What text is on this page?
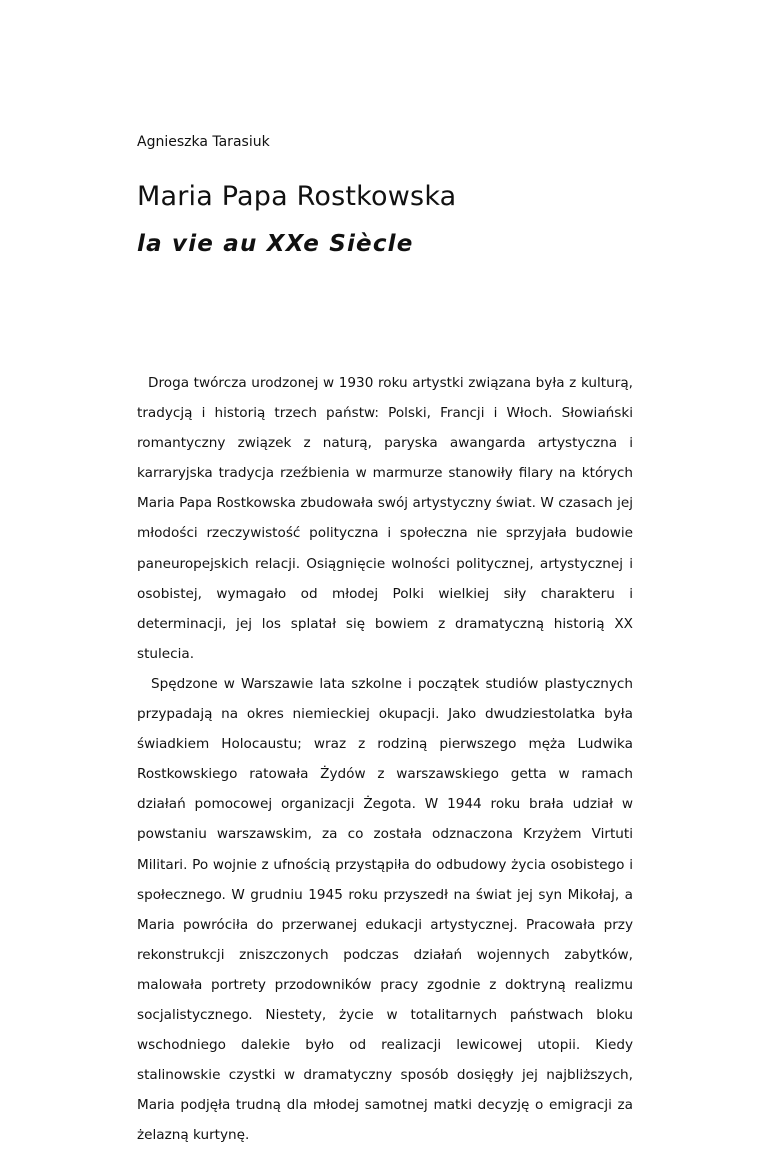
Agnieszka Tarasiuk

Maria Papa Rostkowska
la vie au XXe Siècle

Droga twórcza urodzonej w 1930 roku artystki związana była z kulturą, tradycją i historią trzech państw: Polski, Francji i Włoch. Słowiański romantyczny związek z naturą, paryska awangarda artystyczna i karraryjska tradycja rzeźbienia w marmurze stanowiły filary na których Maria Papa Rostkowska zbudowała swój artystyczny świat. W czasach jej młodości rzeczywistość polityczna i społeczna nie sprzyjała budowie paneuropejskich relacji. Osiągnięcie wolności politycznej, artystycznej i osobistej, wymagało od młodej Polki wielkiej siły charakteru i determinacji, jej los splatał się bowiem z dramatyczną historią XX stulecia.

Spędzone w Warszawie lata szkolne i początek studiów plastycznych przypadają na okres niemieckiej okupacji. Jako dwudziestolatka była świadkiem Holocaustu; wraz z rodziną pierwszego męża Ludwika Rostkowskiego ratowała Żydów z warszawskiego getta w ramach działań pomocowej organizacji Żegota. W 1944 roku brała udział w powstaniu warszawskim, za co została odznaczona Krzyżem Virtuti Militari. Po wojnie z ufnością przystąpiła do odbudowy życia osobistego i społecznego. W grudniu 1945 roku przyszedł na świat jej syn Mikołaj, a Maria powróciła do przerwanej edukacji artystycznej. Pracowała przy rekonstrukcji zniszczonych podczas działań wojennych zabytków, malowała portrety przodowników pracy zgodnie z doktryną realizmu socjalistycznego. Niestety, życie w totalitarnych państwach bloku wschodniego dalekie było od realizacji lewicowej utopii. Kiedy stalinowskie czystki w dramatyczny sposób dosięgły jej najbliższych, Maria podjęła trudną dla młodej samotnej matki decyzję o emigracji za żelazną kurtynę.
